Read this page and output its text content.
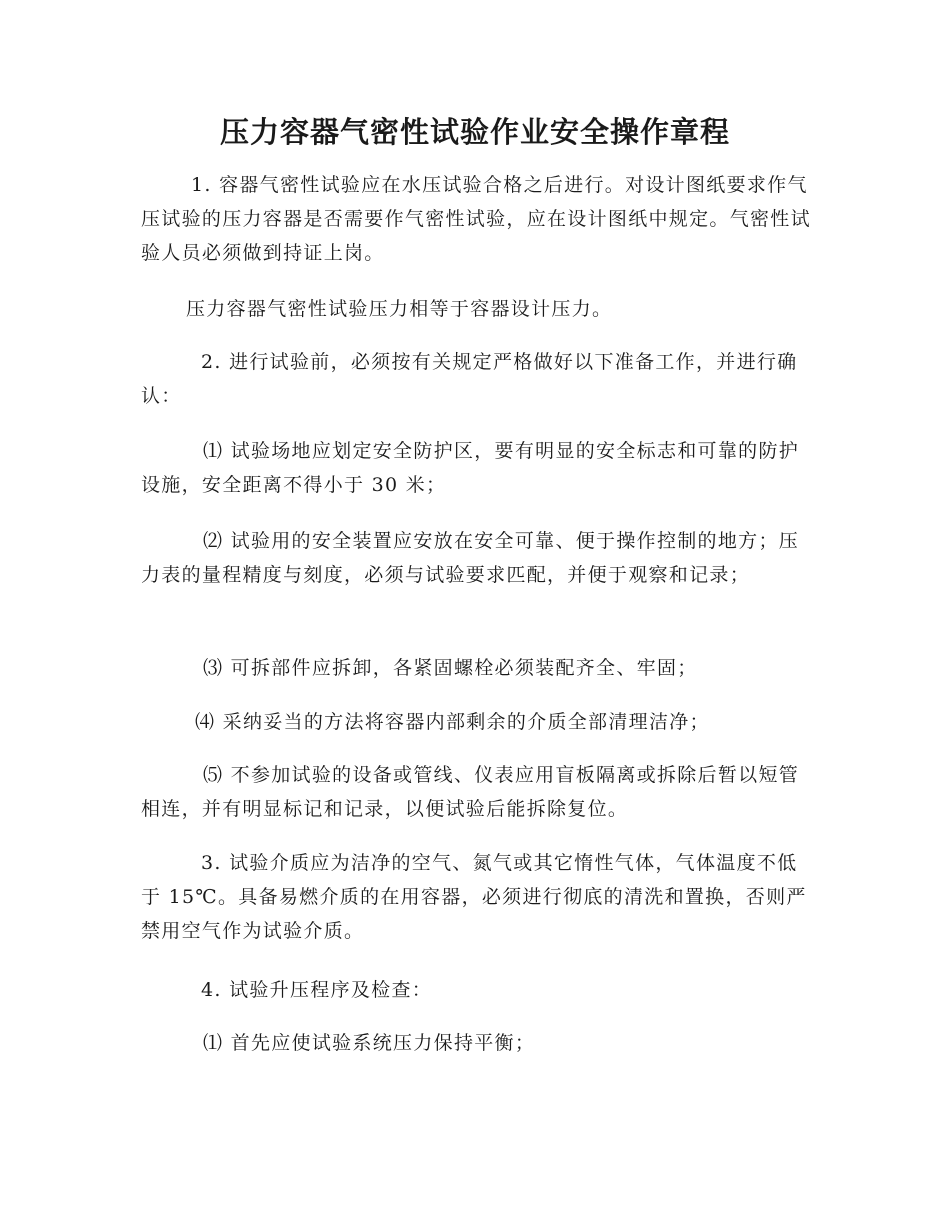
压力容器气密性试验作业安全操作章程

1. 容器气密性试验应在水压试验合格之后进行。对设计图纸要求作气压试验的压力容器是否需要作气密性试验，应在设计图纸中规定。气密性试验人员必须做到持证上岗。

压力容器气密性试验压力相等于容器设计压力。

2. 进行试验前，必须按有关规定严格做好以下准备工作，并进行确认：

⑴ 试验场地应划定安全防护区，要有明显的安全标志和可靠的防护设施，安全距离不得小于 30 米；

⑵ 试验用的安全装置应安放在安全可靠、便于操作控制的地方；压力表的量程精度与刻度，必须与试验要求匹配，并便于观察和记录；

⑶ 可拆部件应拆卸，各紧固螺栓必须装配齐全、牢固；

⑷ 采纳妥当的方法将容器内部剩余的介质全部清理洁净；

⑸ 不参加试验的设备或管线、仪表应用盲板隔离或拆除后暂以短管相连，并有明显标记和记录，以便试验后能拆除复位。

3. 试验介质应为洁净的空气、氮气或其它惰性气体，气体温度不低于 15℃。具备易燃介质的在用容器，必须进行彻底的清洗和置换，否则严禁用空气作为试验介质。

4. 试验升压程序及检查：

⑴ 首先应使试验系统压力保持平衡；
